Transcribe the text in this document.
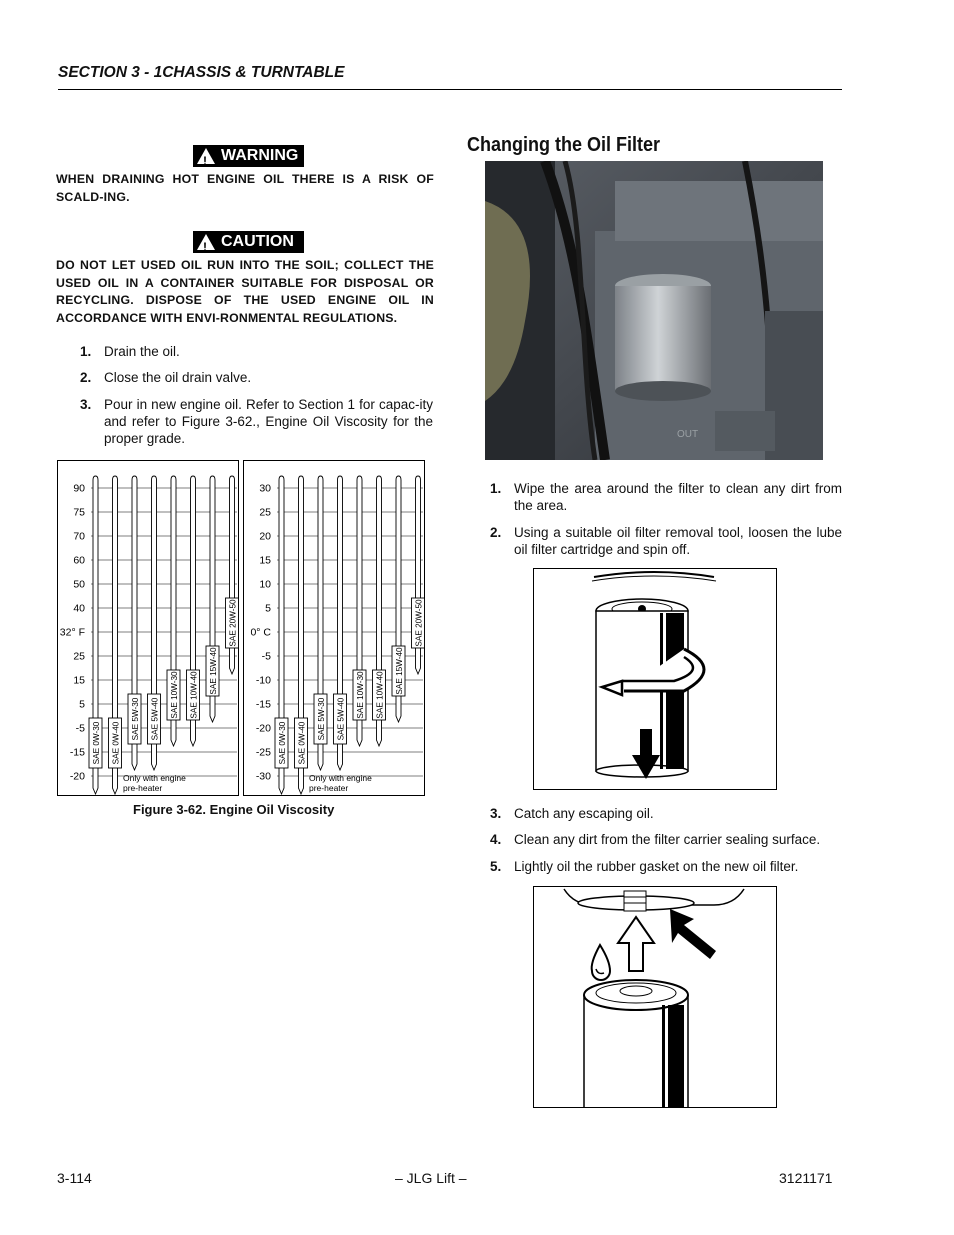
SECTION 3 - 1CHASSIS & TURNTABLE
! WARNING
WHEN DRAINING HOT ENGINE OIL THERE IS A RISK OF SCALD-ING.
! CAUTION
DO NOT LET USED OIL RUN INTO THE SOIL; COLLECT THE USED OIL IN A CONTAINER SUITABLE FOR DISPOSAL OR RECYCLING. DISPOSE OF THE USED ENGINE OIL IN ACCORDANCE WITH ENVI-RONMENTAL REGULATIONS.
1. Drain the oil.
2. Close the oil drain valve.
3. Pour in new engine oil. Refer to Section 1 for capac-ity and refer to Figure 3-62., Engine Oil Viscosity for the proper grade.
90
75
70
60
50
40
32° F
25
15
5
-5
-15
-20
SAE 0W-30 SAE 0W-40
SAE 5W-30 SAE 5W-40
SAE 10W-30 SAE 10W-40
SAE 15W-40
SAE 20W-50
Only with engine
pre-heater
30
25
20
15
10
5
0° C
-5
-10
-15
-20
-25
-30
SAE 0W-30 SAE 0W-40
SAE 5W-30 SAE 5W-40
SAE 10W-30 SAE 10W-40
SAE 15W-40
SAE 20W-50
Only with engine
pre-heater
Figure 3-62. Engine Oil Viscosity
Changing the Oil Filter
OUT
1. Wipe the area around the filter to clean any dirt from the area.
2. Using a suitable oil filter removal tool, loosen the lube oil filter cartridge and spin off.
3. Catch any escaping oil.
4. Clean any dirt from the filter carrier sealing surface.
5. Lightly oil the rubber gasket on the new oil filter.
3-114	– JLG Lift –	3121171
